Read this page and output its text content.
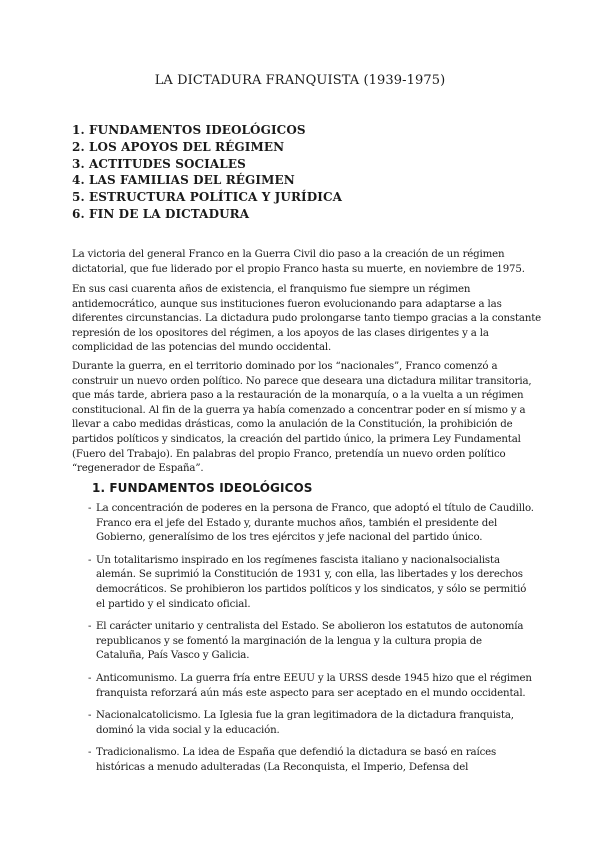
LA DICTADURA FRANQUISTA (1939-1975)
1. FUNDAMENTOS IDEOLÓGICOS
2. LOS APOYOS DEL RÉGIMEN
3. ACTITUDES SOCIALES
4. LAS FAMILIAS DEL RÉGIMEN
5. ESTRUCTURA POLÍTICA Y JURÍDICA
6. FIN DE LA DICTADURA

La victoria del general Franco en la Guerra Civil dio paso a la creación de un régimen
dictatorial, que fue liderado por el propio Franco hasta su muerte, en noviembre de 1975.

En sus casi cuarenta años de existencia, el franquismo fue siempre un régimen
antidemocrático, aunque sus instituciones fueron evolucionando para adaptarse a las
diferentes circunstancias. La dictadura pudo prolongarse tanto tiempo gracias a la constante
represión de los opositores del régimen, a los apoyos de las clases dirigentes y a la
complicidad de las potencias del mundo occidental.

Durante la guerra, en el territorio dominado por los “nacionales”, Franco comenzó a
construir un nuevo orden político. No parece que deseara una dictadura militar transitoria,
que más tarde, abriera paso a la restauración de la monarquía, o a la vuelta a un régimen
constitucional. Al fin de la guerra ya había comenzado a concentrar poder en sí mismo y a
llevar a cabo medidas drásticas, como la anulación de la Constitución, la prohibición de
partidos políticos y sindicatos, la creación del partido único, la primera Ley Fundamental
(Fuero del Trabajo). En palabras del propio Franco, pretendía un nuevo orden político
“regenerador de España”.

1. FUNDAMENTOS IDEOLÓGICOS
- La concentración de poderes en la persona de Franco, que adoptó el título de Caudillo.
Franco era el jefe del Estado y, durante muchos años, también el presidente del
Gobierno, generalísimo de los tres ejércitos y jefe nacional del partido único.
- Un totalitarismo inspirado en los regímenes fascista italiano y nacionalsocialista
alemán. Se suprimió la Constitución de 1931 y, con ella, las libertades y los derechos
democráticos. Se prohibieron los partidos políticos y los sindicatos, y sólo se permitió
el partido y el sindicato oficial.
- El carácter unitario y centralista del Estado. Se abolieron los estatutos de autonomía
republicanos y se fomentó la marginación de la lengua y la cultura propia de
Cataluña, País Vasco y Galicia.
- Anticomunismo. La guerra fría entre EEUU y la URSS desde 1945 hizo que el régimen
franquista reforzará aún más este aspecto para ser aceptado en el mundo occidental.
- Nacionalcatolicismo. La Iglesia fue la gran legitimadora de la dictadura franquista,
dominó la vida social y la educación.
- Tradicionalismo. La idea de España que defendió la dictadura se basó en raíces
históricas a menudo adulteradas (La Reconquista, el Imperio, Defensa del
